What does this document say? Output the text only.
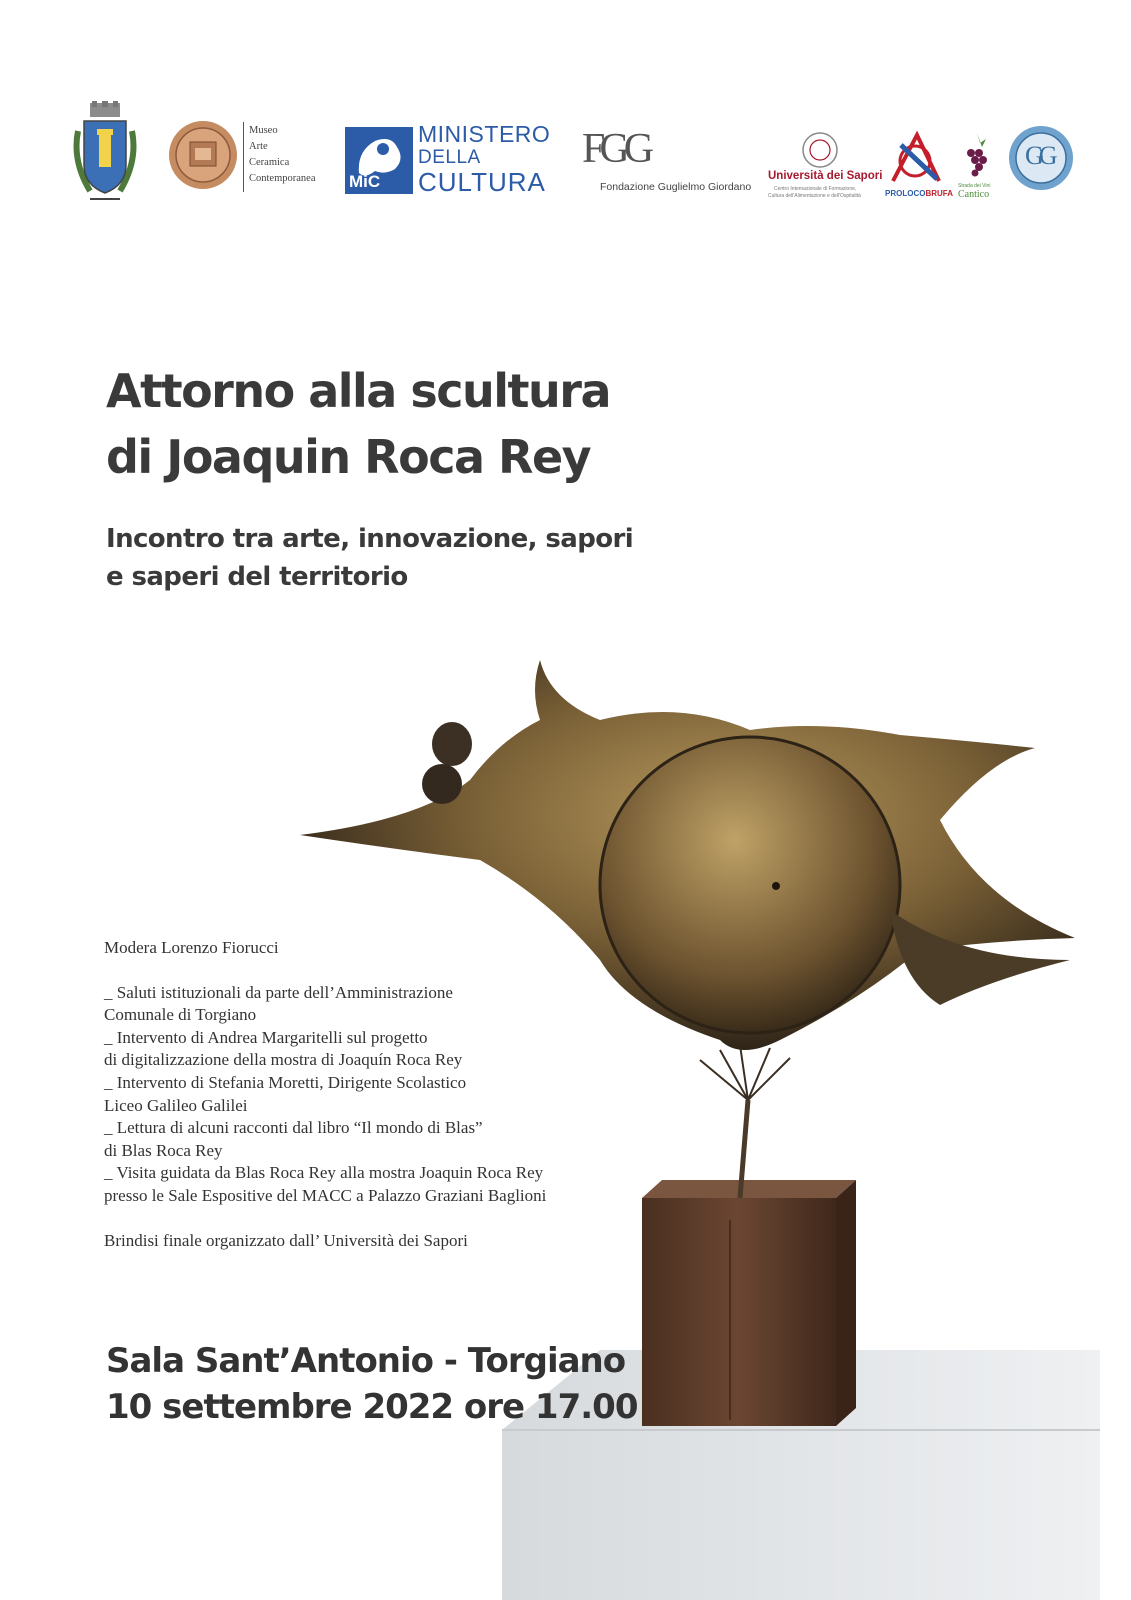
Museo
Arte
Ceramica
Contemporanea MiC
MINISTERO
DELLA
CULTURA
FGG
Fondazione Guglielmo Giordano
Università dei Sapori
Centro Internazionale di Formazione,
Cultura dell'Alimentazione e dell'Ospitalità	PROLOCOBRUFA
Strada dei Vini
Cantico
GG
Attorno alla scultura
di Joaquin Roca Rey
Incontro tra arte, innovazione, sapori
e saperi del territorio
Modera Lorenzo Fiorucci
_ Saluti istituzionali da parte dell’Amministrazione
Comunale di Torgiano
_ Intervento di Andrea Margaritelli sul progetto
di digitalizzazione della mostra di Joaquín Roca Rey
_ Intervento di Stefania Moretti, Dirigente Scolastico
Liceo Galileo Galilei
_ Lettura di alcuni racconti dal libro “Il mondo di Blas”
di Blas Roca Rey
_ Visita guidata da Blas Roca Rey alla mostra Joaquin Roca Rey
presso le Sale Espositive del MACC a Palazzo Graziani Baglioni
Brindisi finale organizzato dall’ Università dei Sapori
Sala Sant’Antonio - Torgiano
10 settembre 2022 ore 17.00
